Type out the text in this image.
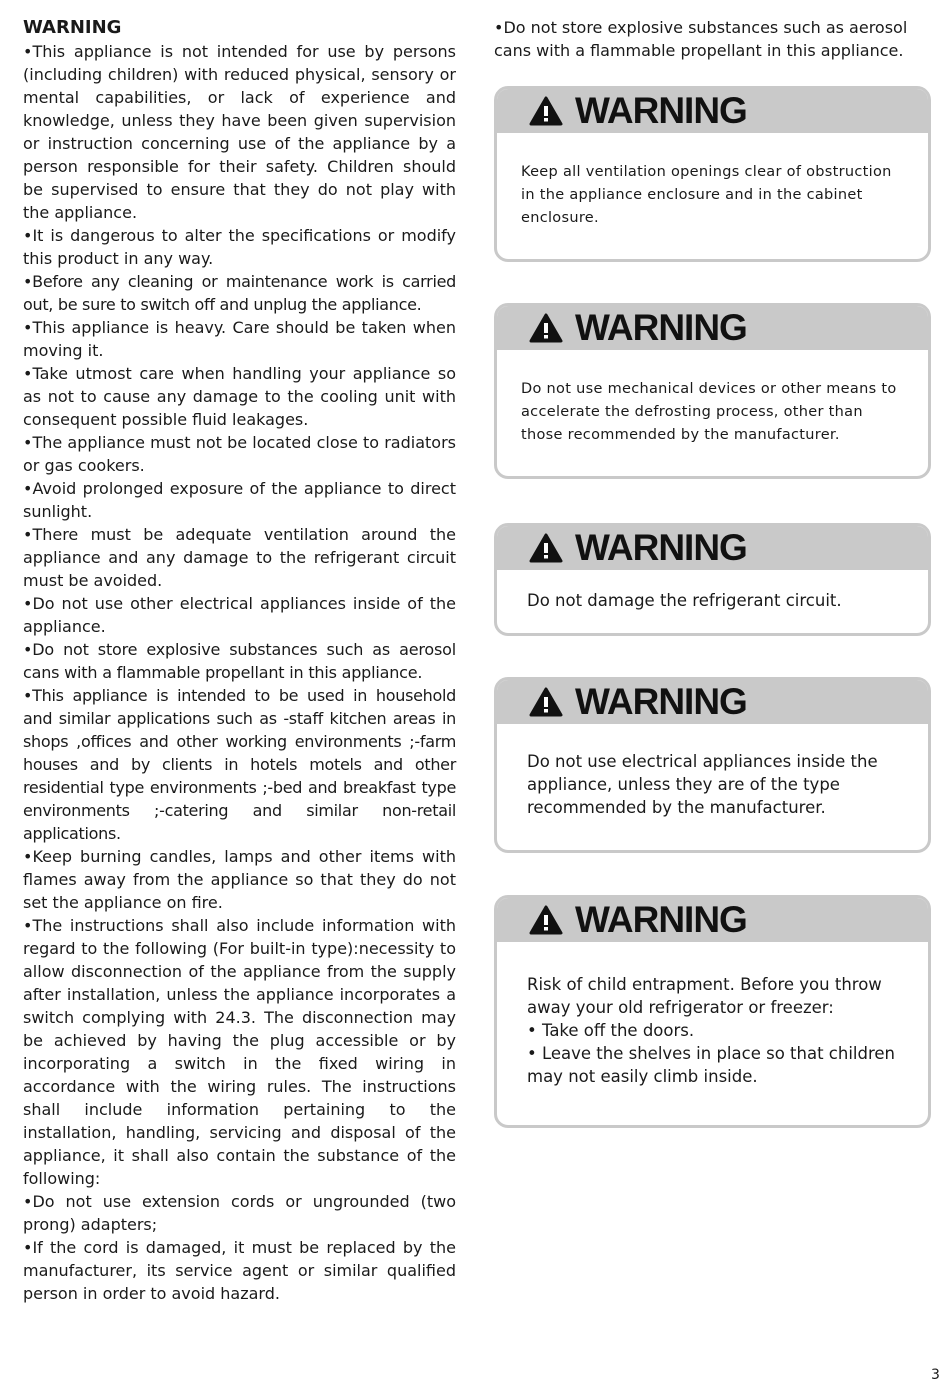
WARNING

•This appliance is not intended for use by persons (including children) with reduced physical, sensory or mental capabilities, or lack of experience and knowledge, unless they have been given supervision or instruction concerning use of the appliance by a person responsible for their safety. Children should be supervised to ensure that they do not play with the appliance.

•It is dangerous to alter the specifications or modify this product in any way.

•Before any cleaning or maintenance work is carried out, be sure to switch off and unplug the appliance.

•This appliance is heavy. Care should be taken when moving it.

•Take utmost care when handling your appliance so as not to cause any damage to the cooling unit with consequent possible fluid leakages.

•The appliance must not be located close to radiators or gas cookers.

•Avoid prolonged exposure of the appliance to direct sunlight.

•There must be adequate ventilation around the appliance and any damage to the refrigerant circuit must be avoided.

•Do not use other electrical appliances inside of the appliance.

•Do not store explosive substances such as aerosol cans with a flammable propellant in this appliance.

•This appliance is intended to be used in household and similar applications such as -staff kitchen areas in shops ,offices and other working environments ;-farm houses and by clients in hotels motels and other residential type environments ;-bed and breakfast type environments ;-catering and similar non-retail applications.

•Keep burning candles, lamps and other items with flames away from the appliance so that they do not set the appliance on fire.

•The instructions shall also include information with regard to the following (For built-in type):necessity to allow disconnection of the appliance from the supply after installation, unless the appliance incorporates a switch complying with 24.3. The disconnection may be achieved by having the plug accessible or by incorporating a switch in the fixed wiring in accordance with the wiring rules. The instructions shall include information pertaining to the installation, handling, servicing and disposal of the appliance, it shall also contain the substance of the following:

•Do not use extension cords or ungrounded (two prong) adapters;

•If the cord is damaged, it must be replaced by the manufacturer, its service agent or similar qualified person in order to avoid hazard.

•Do not store explosive substances such as aerosol cans with a flammable propellant in this appliance.

WARNING

Keep all ventilation openings clear of obstruction in the appliance enclosure and in the cabinet enclosure.

WARNING

Do not use mechanical devices or other means to accelerate the defrosting process, other than those recommended by the manufacturer.

WARNING

Do not damage the refrigerant circuit.

WARNING

Do not use electrical appliances inside the appliance, unless they are of the type recommended by the manufacturer.

WARNING

Risk of child entrapment. Before you throw away your old refrigerator or freezer:

• Take off the doors.

• Leave the shelves in place so that children may not easily climb inside.

3
